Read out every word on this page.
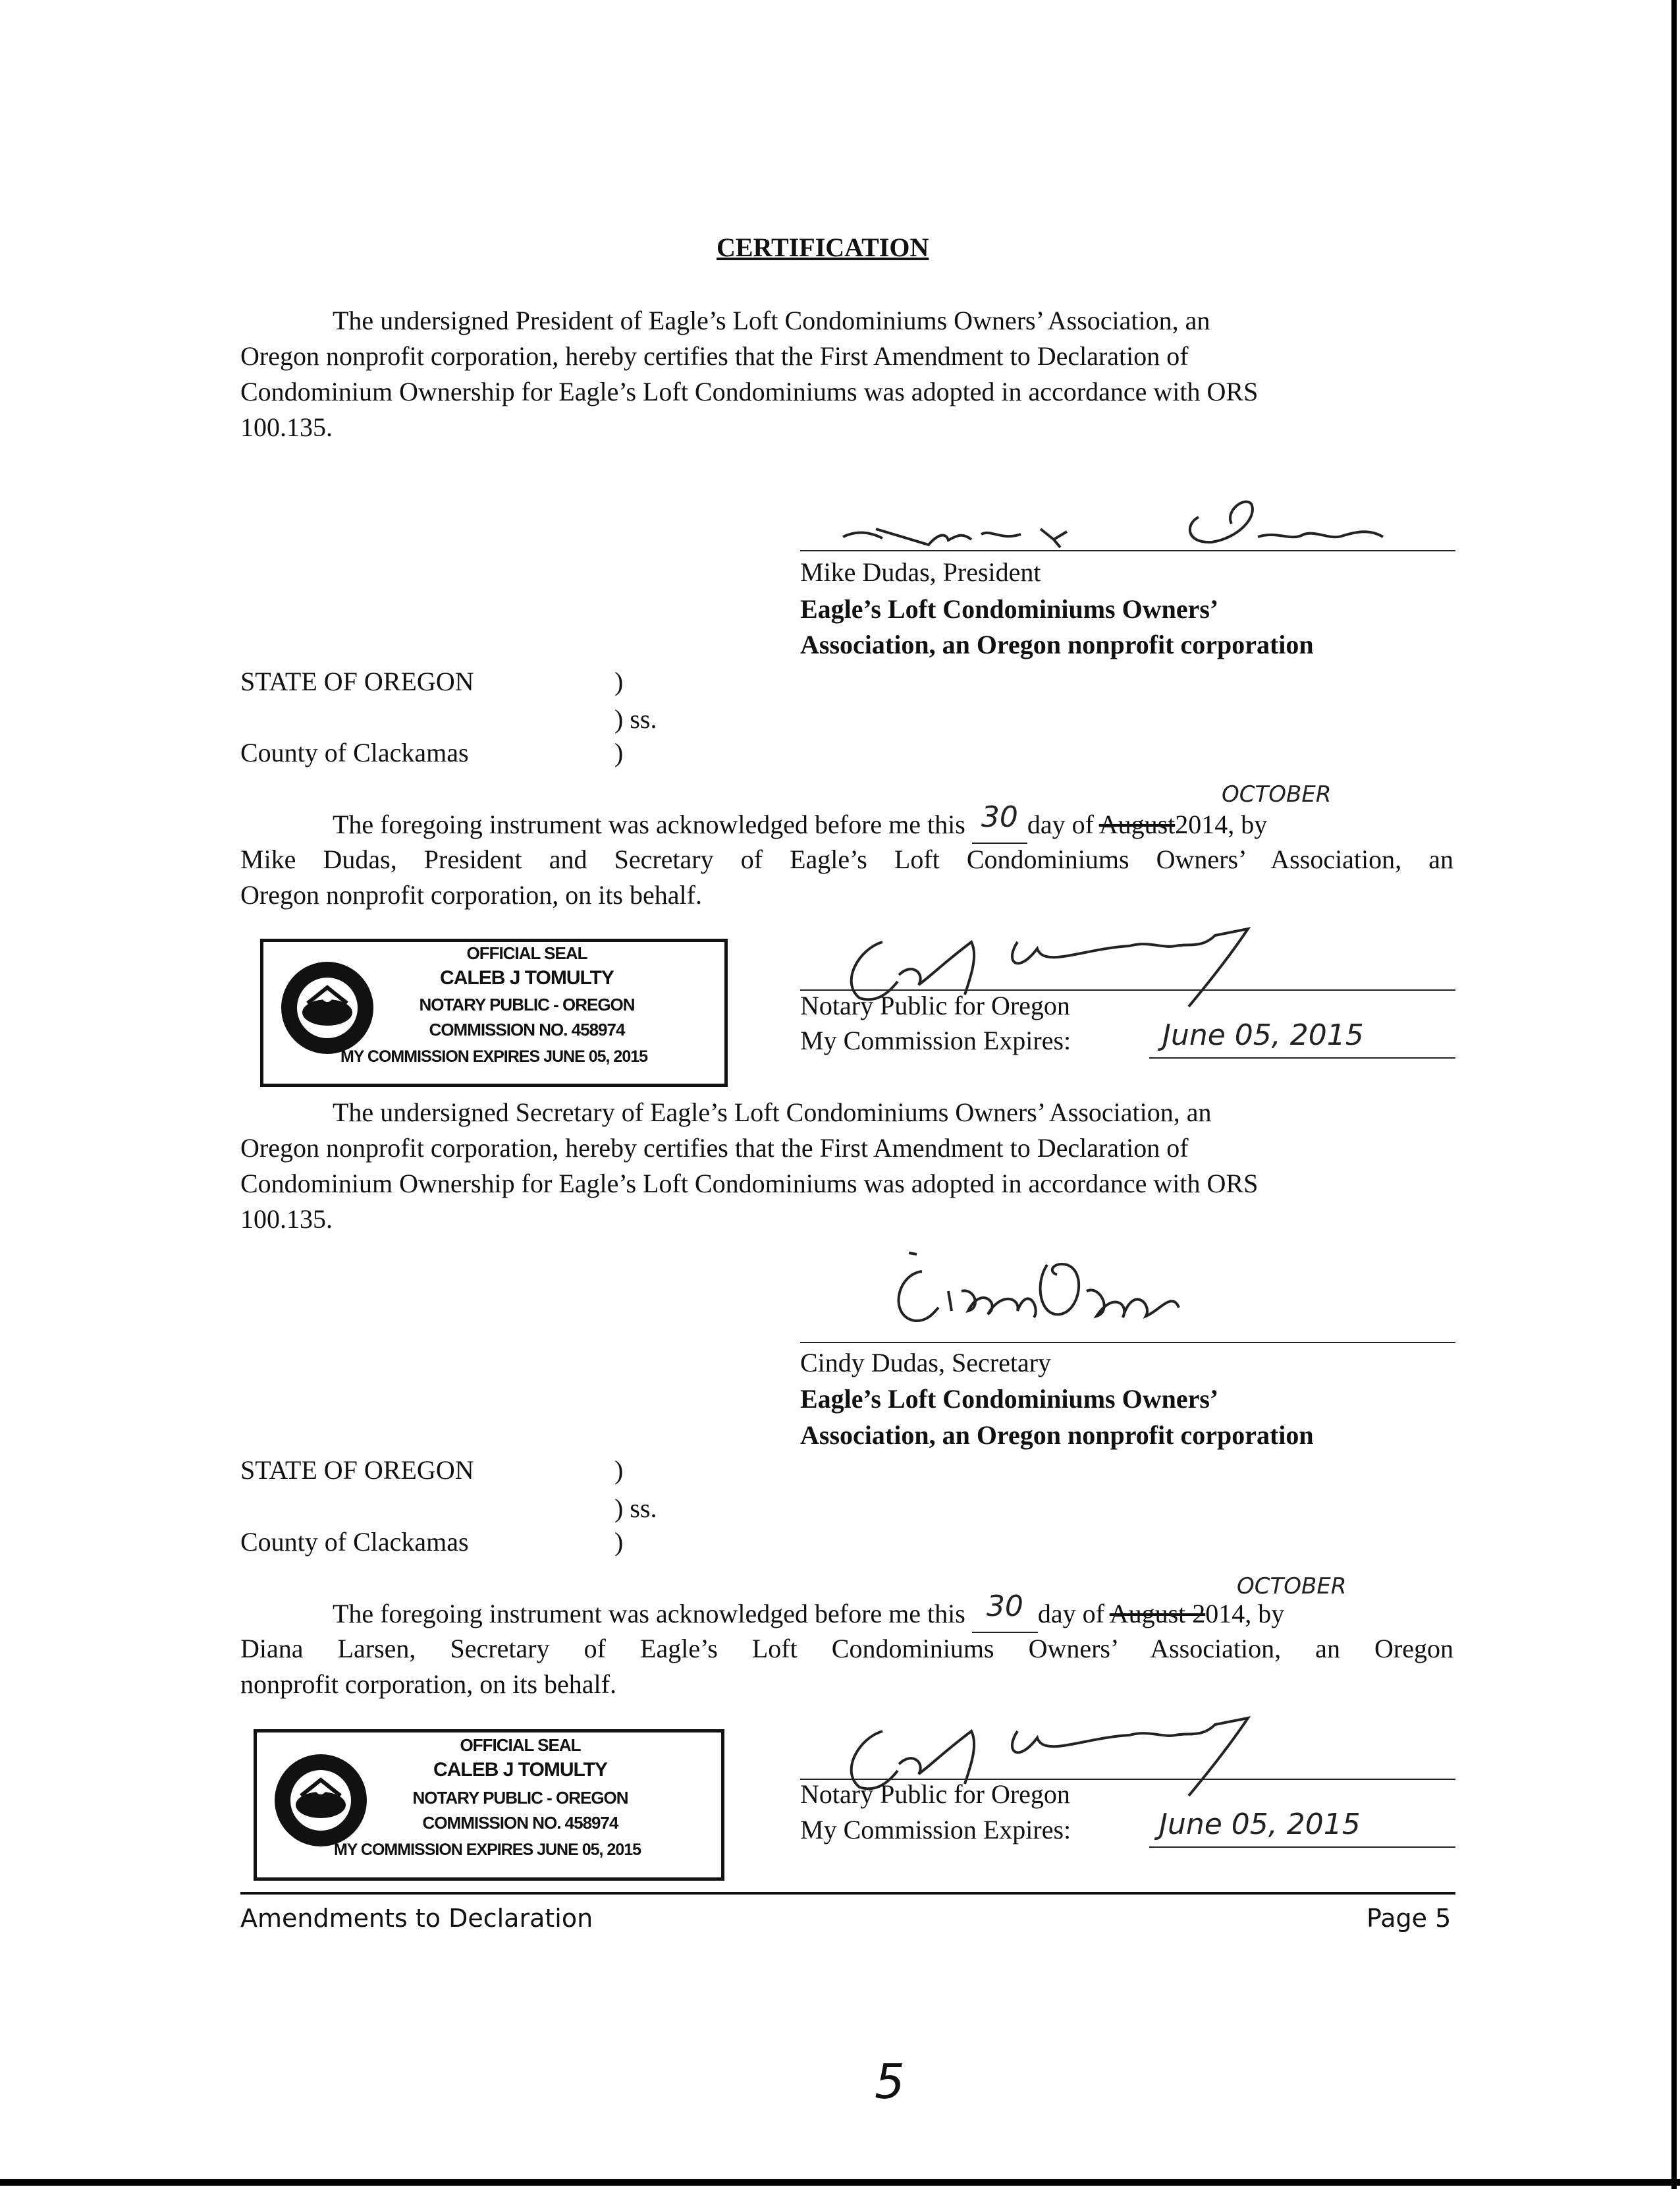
CERTIFICATION
The undersigned President of Eagle’s Loft Condominiums Owners’ Association, an
Oregon nonprofit corporation, hereby certifies that the First Amendment to Declaration of
Condominium Ownership for Eagle’s Loft Condominiums was adopted in accordance with ORS
100.135.
Mike Dudas, President
Eagle’s Loft Condominiums Owners’
Association, an Oregon nonprofit corporation
STATE OF OREGON	)
) ss.
County of Clackamas	)
The foregoing instrument was acknowledged before me this 30 day of August2014, by
OCTOBER
Mike Dudas, President and Secretary of Eagle’s Loft Condominiums Owners’ Association, an
Oregon nonprofit corporation, on its behalf.
OFFICIAL SEAL
CALEB J TOMULTY
NOTARY PUBLIC - OREGON
COMMISSION NO. 458974
MY COMMISSION EXPIRES JUNE 05, 2015
Notary Public for Oregon
My Commission Expires:	June 05, 2015
The undersigned Secretary of Eagle’s Loft Condominiums Owners’ Association, an
Oregon nonprofit corporation, hereby certifies that the First Amendment to Declaration of
Condominium Ownership for Eagle’s Loft Condominiums was adopted in accordance with ORS
100.135.
Cindy Dudas, Secretary
Eagle’s Loft Condominiums Owners’
Association, an Oregon nonprofit corporation
STATE OF OREGON	)
) ss.
County of Clackamas	)
The foregoing instrument was acknowledged before me this 30 day of August 2014, by
OCTOBER
Diana Larsen, Secretary of Eagle’s Loft Condominiums Owners’ Association, an Oregon
nonprofit corporation, on its behalf.
OFFICIAL SEAL
CALEB J TOMULTY
NOTARY PUBLIC - OREGON
COMMISSION NO. 458974
MY COMMISSION EXPIRES JUNE 05, 2015
Notary Public for Oregon
My Commission Expires:	June 05, 2015
Amendments to Declaration	Page 5
5
